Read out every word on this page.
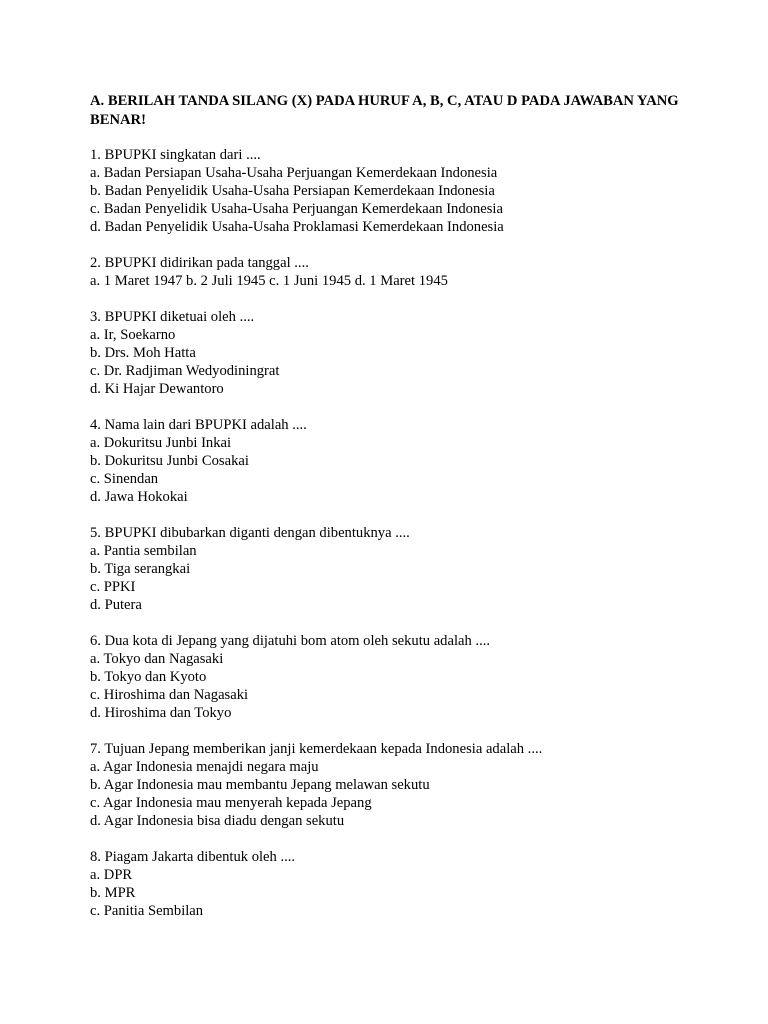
A. BERILAH TANDA SILANG (X) PADA HURUF A, B, C, ATAU D PADA JAWABAN YANG BENAR!
1. BPUPKI singkatan dari ....
a. Badan Persiapan Usaha-Usaha Perjuangan Kemerdekaan Indonesia
b. Badan Penyelidik Usaha-Usaha Persiapan Kemerdekaan Indonesia
c. Badan Penyelidik Usaha-Usaha Perjuangan Kemerdekaan Indonesia
d. Badan Penyelidik Usaha-Usaha Proklamasi Kemerdekaan Indonesia
2. BPUPKI didirikan pada tanggal ....
a. 1 Maret 1947 b. 2 Juli 1945 c. 1 Juni 1945 d. 1 Maret 1945
3. BPUPKI diketuai oleh ....
a. Ir, Soekarno
b. Drs. Moh Hatta
c. Dr. Radjiman Wedyodiningrat
d. Ki Hajar Dewantoro
4. Nama lain dari BPUPKI adalah ....
a. Dokuritsu Junbi Inkai
b. Dokuritsu Junbi Cosakai
c. Sinendan
d. Jawa Hokokai
5. BPUPKI dibubarkan diganti dengan dibentuknya ....
a. Pantia sembilan
b. Tiga serangkai
c. PPKI
d. Putera
6. Dua kota di Jepang yang dijatuhi bom atom oleh sekutu adalah ....
a. Tokyo dan Nagasaki
b. Tokyo dan Kyoto
c. Hiroshima dan Nagasaki
d. Hiroshima dan Tokyo
7. Tujuan Jepang memberikan janji kemerdekaan kepada Indonesia adalah ....
a. Agar Indonesia menajdi negara maju
b. Agar Indonesia mau membantu Jepang melawan sekutu
c. Agar Indonesia mau menyerah kepada Jepang
d. Agar Indonesia bisa diadu dengan sekutu
8. Piagam Jakarta dibentuk oleh ....
a. DPR
b. MPR
c. Panitia Sembilan
